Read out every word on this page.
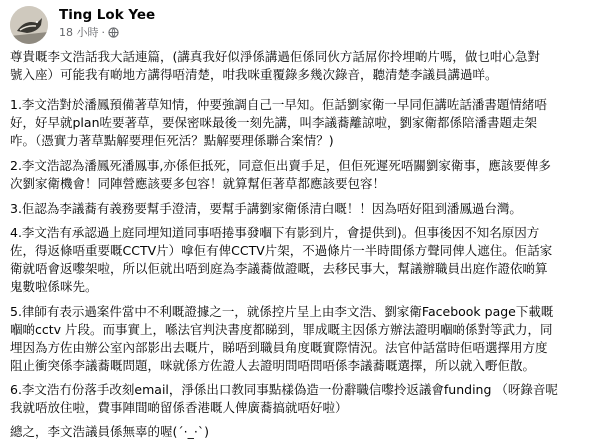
Ting Lok Yee
18 小時 ·
尊貴嘅李文浩話我大話連篇，(講真我好似淨係講過佢係同伙方話屌你拎埋啲片嗎，做乜咁心急對
號入座）可能我有啲地方講得唔清楚，咁我咪重覆錄多幾次錄音，聽清楚李議員講過咩。
1.李文浩對於潘鳳預備著草知情，仲要強調自己一早知。佢話劉家衛一早同佢講咗話潘書題情緒唔
好，好早就plan咗要著草，要保密咪最後一刻先講，叫李議蕎離諒啦，劉家衛都係陪潘書題走架
咋。（憑實力著草點解要理佢死活？點解要理係聯合案情？)
2.李文浩認為潘鳳死潘鳳事,亦係佢抵死，同意佢出賣手足，但佢死遲死唔關劉家衛事，應該要俾多
次劉家衛機會！同陣營應該要多包容！就算幫佢著草都應該要包容！
3.佢認為李議蕎有義務要幫手澄清，要幫手講劉家衛係清白嘅！！因為唔好阻到潘鳳過台灣。
4.李文浩有承認過上庭同埋知道同事唔捲事發嗰下有影到片，會提供到)。但事後因不知名原因方
佐，得返條唔重要嘅CCTV片）嗱佢有俾CCTV片架，不過條片一半時間係方聲同俾人遮住。佢話家
衛就唔會返嚟架啦，所以佢就出唔到庭為李議蕎做證嘅，去移民事大，幫議辦職員出庭作證依啲算
鬼數啦係咪先。
5.律師有表示過案件當中不利嘅證據之一，就係控片呈上由李文浩、劉家衛Facebook page下載嘅
嗰啲cctv 片段。而事實上，喺法官判決書度都睇到，罪成嘅主因係方辦法證明嗰啲係對等武力，同
埋因為方佐由辦公室內部影出去嘅片，睇唔到職員角度嘅實際情況。法官仲話當時佢唔選擇用方度
阻止衝突係李議蕎嘅問題，咪就係方佐證人去證明問唔問唔係李議蕎嘅選擇，所以就入嘢佢散。
6.李文浩冇份落手改刻email，淨係出口教同事點樣偽造一份辭職信嚟拎返議會funding （呀錄音呢
我就唔放住啦，費事陣間啲留係香港嘅人俾廣蕎搞就唔好啦）
總之，李文浩議員係無辜的喔(´·_·`)
